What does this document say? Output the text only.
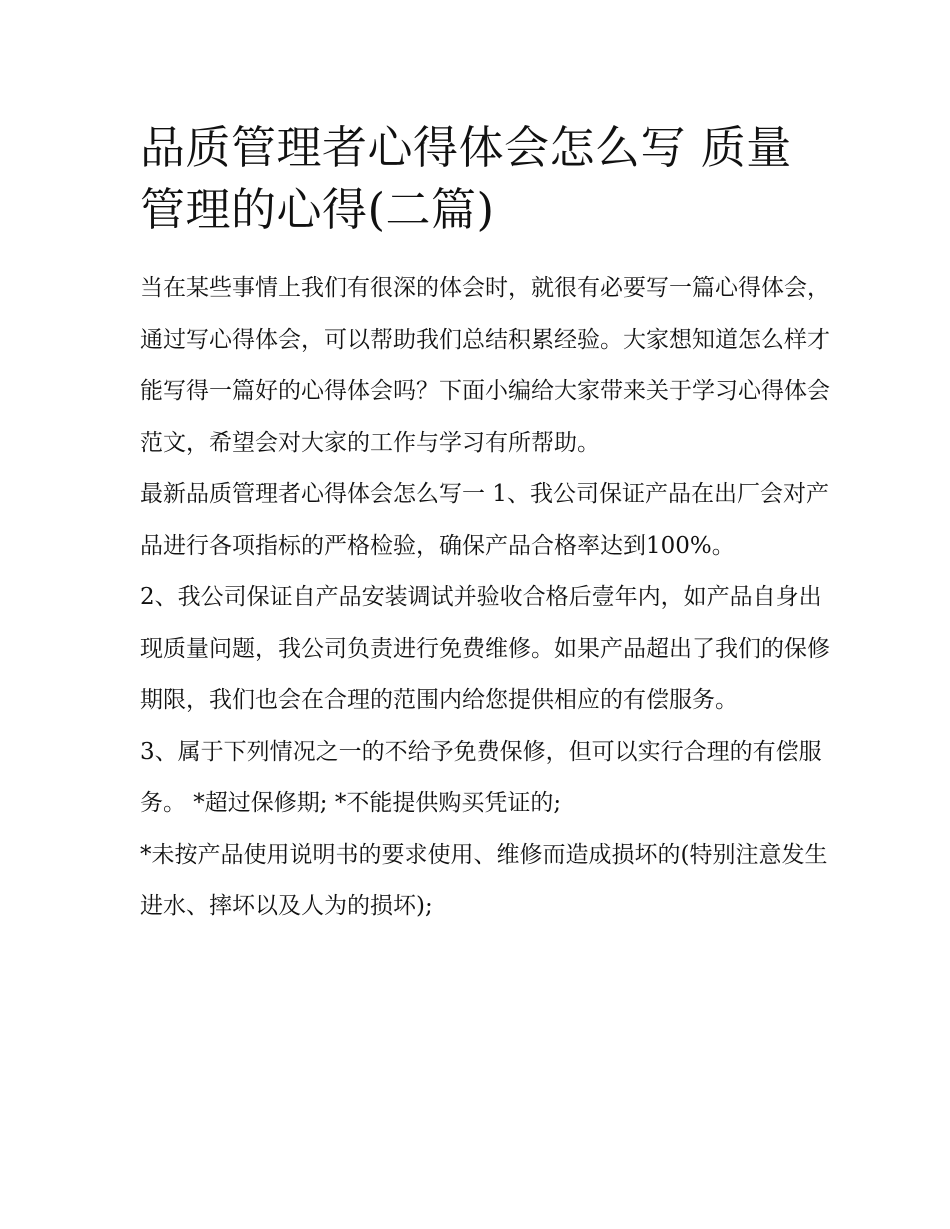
品质管理者心得体会怎么写 质量管理的心得(二篇)

当在某些事情上我们有很深的体会时，就很有必要写一篇心得体会，通过写心得体会，可以帮助我们总结积累经验。大家想知道怎么样才能写得一篇好的心得体会吗？下面小编给大家带来关于学习心得体会范文，希望会对大家的工作与学习有所帮助。

最新品质管理者心得体会怎么写一 1、我公司保证产品在出厂会对产品进行各项指标的严格检验，确保产品合格率达到100%。

2、我公司保证自产品安装调试并验收合格后壹年内，如产品自身出现质量问题，我公司负责进行免费维修。如果产品超出了我们的保修期限，我们也会在合理的范围内给您提供相应的有偿服务。

3、属于下列情况之一的不给予免费保修，但可以实行合理的有偿服务。 *超过保修期; *不能提供购买凭证的;

*未按产品使用说明书的要求使用、维修而造成损坏的(特别注意发生进水、摔坏以及人为的损坏);
